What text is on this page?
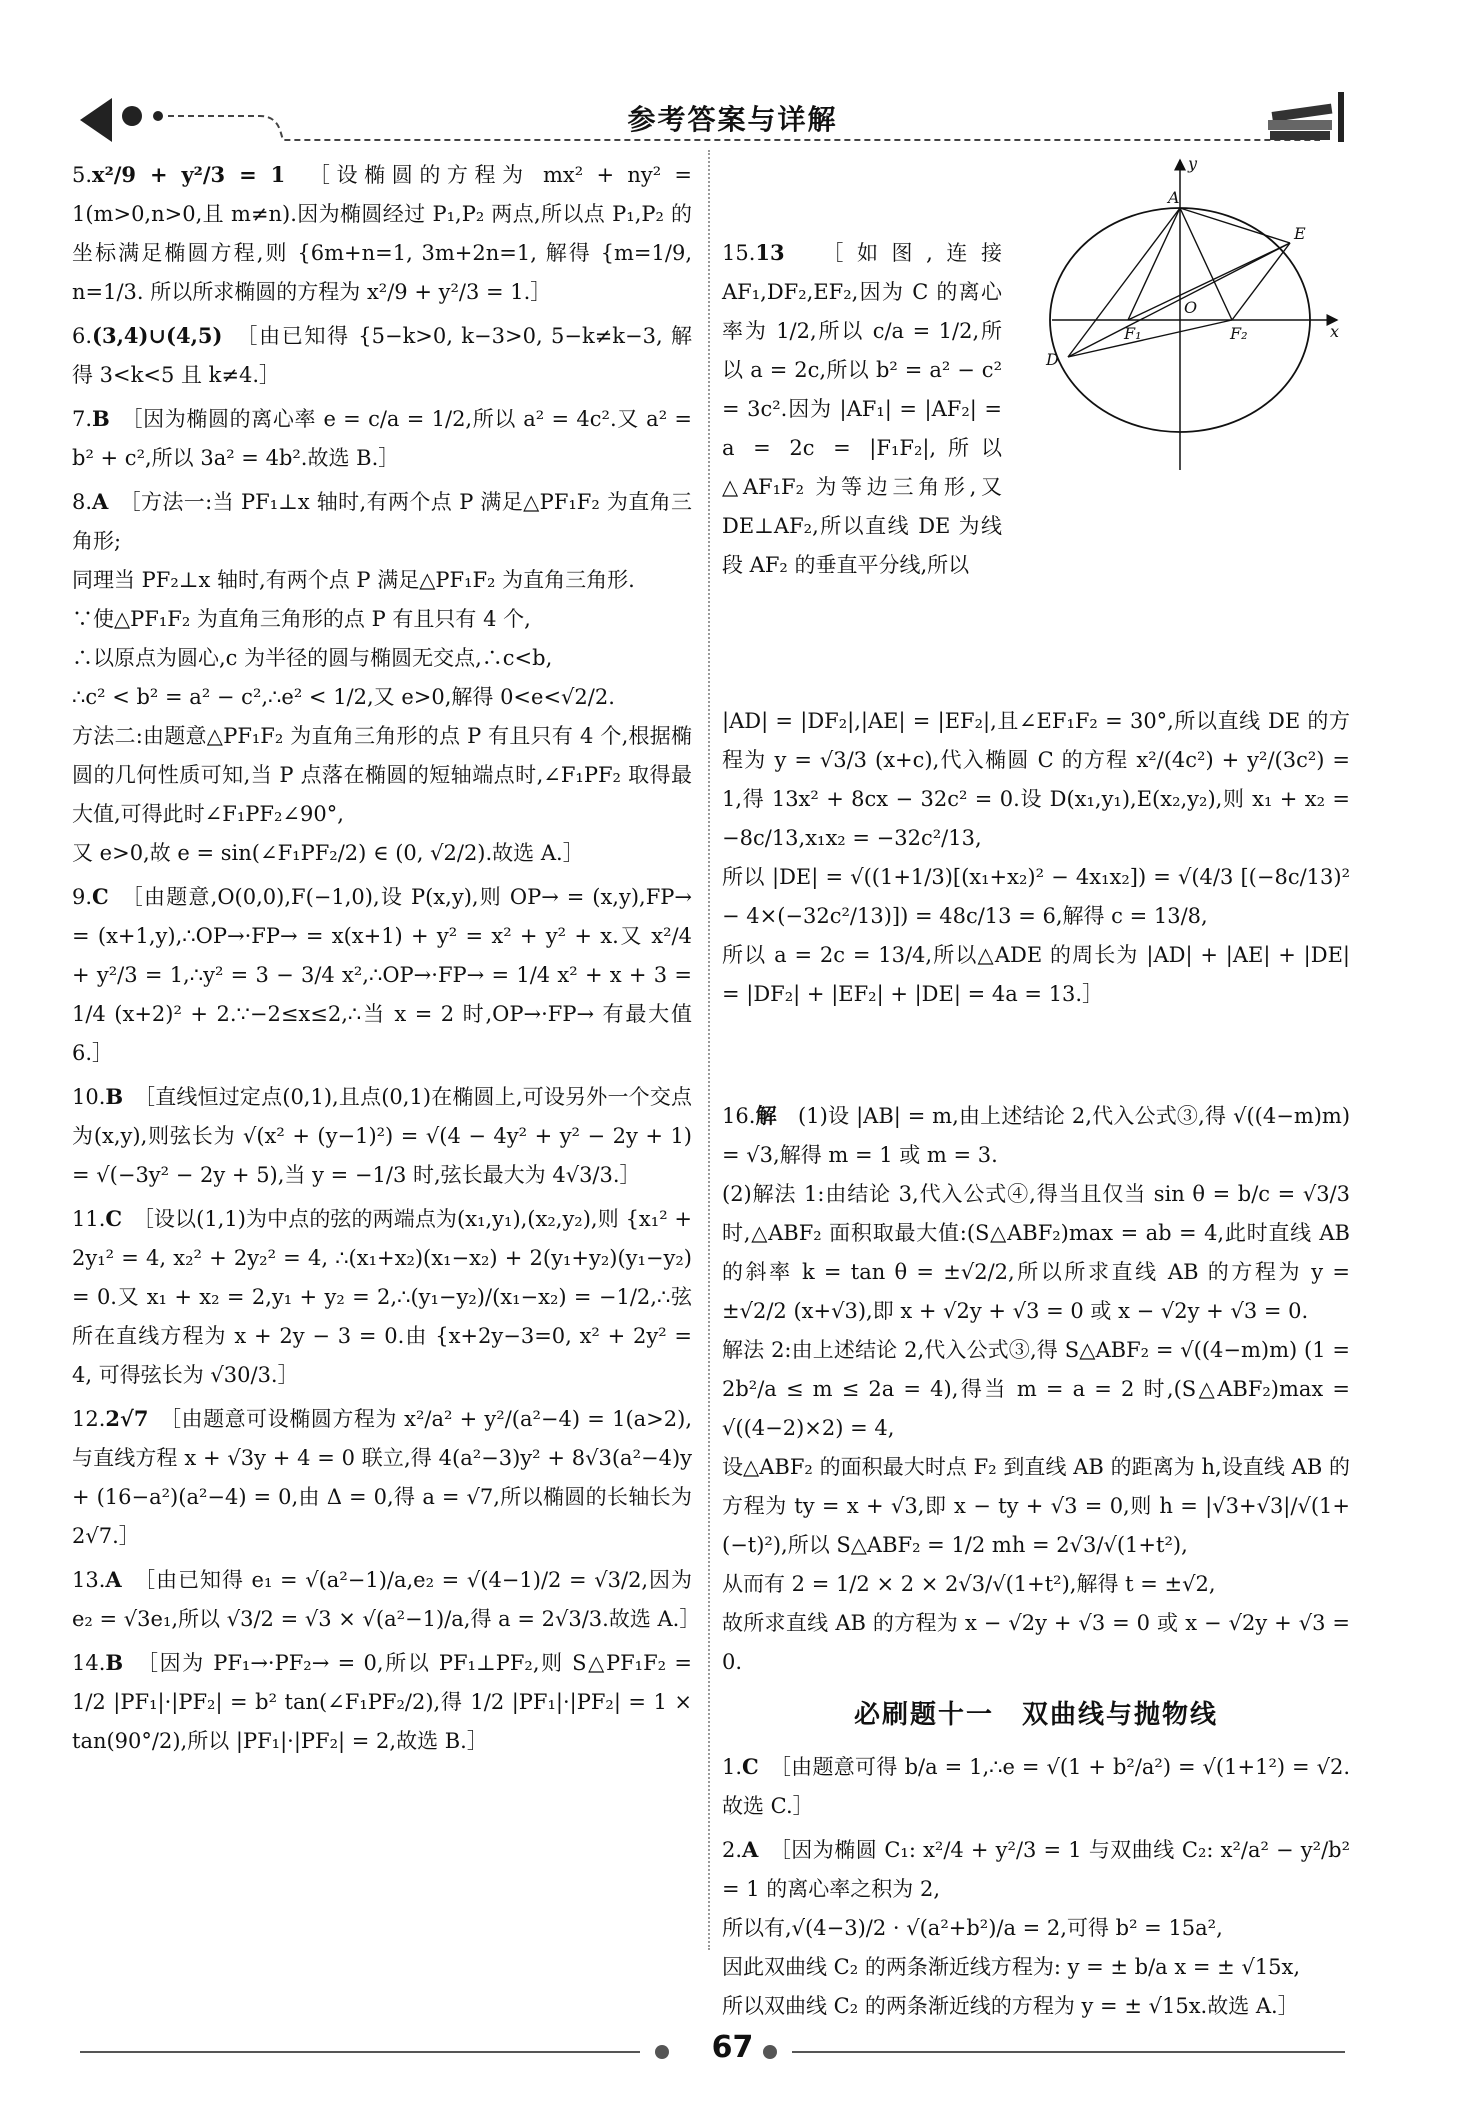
参考答案与详解
5.x²/9 + y²/3 = 1　 ［设椭圆的方程为 mx² + ny² = 1(m>0,n>0,且 m≠n).因为椭圆经过 P₁,P₂ 两点,所以点 P₁,P₂ 的坐标满足椭圆方程,则 {6m+n=1, 3m+2n=1, 解得 {m=1/9, n=1/3. 所以所求椭圆的方程为 x²/9 + y²/3 = 1.］
6.(3,4)∪(4,5)　 ［由已知得 {5−k>0, k−3>0, 5−k≠k−3, 解得 3<k<5 且 k≠4.］
7.B　 ［因为椭圆的离心率 e = c/a = 1/2,所以 a² = 4c².又 a² = b² + c²,所以 3a² = 4b².故选 B.］
8.A　 ［方法一:当 PF₁⊥x 轴时,有两个点 P 满足△PF₁F₂ 为直角三角形;
同理当 PF₂⊥x 轴时,有两个点 P 满足△PF₁F₂ 为直角三角形.
∵使△PF₁F₂ 为直角三角形的点 P 有且只有 4 个,
∴以原点为圆心,c 为半径的圆与椭圆无交点,∴c<b,
∴c² < b² = a² − c²,∴e² < 1/2,又 e>0,解得 0<e<√2/2.
方法二:由题意△PF₁F₂ 为直角三角形的点 P 有且只有 4 个,根据椭圆的几何性质可知,当 P 点落在椭圆的短轴端点时,∠F₁PF₂ 取得最大值,可得此时∠F₁PF₂∠90°,
又 e>0,故 e = sin(∠F₁PF₂/2) ∈ (0, √2/2).故选 A.］
9.C　 ［由题意,O(0,0),F(−1,0),设 P(x,y),则 OP→ = (x,y),FP→ = (x+1,y),∴OP→·FP→ = x(x+1) + y² = x² + y² + x.又 x²/4 + y²/3 = 1,∴y² = 3 − 3/4 x²,∴OP→·FP→ = 1/4 x² + x + 3 = 1/4 (x+2)² + 2.∵−2≤x≤2,∴当 x = 2 时,OP→·FP→ 有最大值 6.］
10.B　 ［直线恒过定点(0,1),且点(0,1)在椭圆上,可设另外一个交点为(x,y),则弦长为 √(x² + (y−1)²) = √(4 − 4y² + y² − 2y + 1) = √(−3y² − 2y + 5),当 y = −1/3 时,弦长最大为 4√3/3.］
11.C　 ［设以(1,1)为中点的弦的两端点为(x₁,y₁),(x₂,y₂),则 {x₁² + 2y₁² = 4, x₂² + 2y₂² = 4, ∴(x₁+x₂)(x₁−x₂) + 2(y₁+y₂)(y₁−y₂) = 0.又 x₁ + x₂ = 2,y₁ + y₂ = 2,∴(y₁−y₂)/(x₁−x₂) = −1/2,∴弦所在直线方程为 x + 2y − 3 = 0.由 {x+2y−3=0, x² + 2y² = 4, 可得弦长为 √30/3.］
12.2√7　 ［由题意可设椭圆方程为 x²/a² + y²/(a²−4) = 1(a>2),与直线方程 x + √3y + 4 = 0 联立,得 4(a²−3)y² + 8√3(a²−4)y + (16−a²)(a²−4) = 0,由 Δ = 0,得 a = √7,所以椭圆的长轴长为 2√7.］
13.A　 ［由已知得 e₁ = √(a²−1)/a,e₂ = √(4−1)/2 = √3/2,因为 e₂ = √3e₁,所以 √3/2 = √3 × √(a²−1)/a,得 a = 2√3/3.故选 A.］
14.B　 ［因为 PF₁→·PF₂→ = 0,所以 PF₁⊥PF₂,则 S△PF₁F₂ = 1/2 |PF₁|·|PF₂| = b² tan(∠F₁PF₂/2),得 1/2 |PF₁|·|PF₂| = 1 × tan(90°/2),所以 |PF₁|·|PF₂| = 2,故选 B.］

15.13　 ［如图,连接 AF₁,DF₂,EF₂,因为 C 的离心率为 1/2,所以 c/a = 1/2,所以 a = 2c,所以 b² = a² − c² = 3c².因为 |AF₁| = |AF₂| = a = 2c = |F₁F₂|,所以△AF₁F₂ 为等边三角形,又 DE⊥AF₂,所以直线 DE 为线段 AF₂ 的垂直平分线,所以

y
x
A
E
O
F₁	F₂
D

|AD| = |DF₂|,|AE| = |EF₂|,且∠EF₁F₂ = 30°,所以直线 DE 的方程为 y = √3/3 (x+c),代入椭圆 C 的方程 x²/(4c²) + y²/(3c²) = 1,得 13x² + 8cx − 32c² = 0.设 D(x₁,y₁),E(x₂,y₂),则 x₁ + x₂ = −8c/13,x₁x₂ = −32c²/13,
所以 |DE| = √((1+1/3)[(x₁+x₂)² − 4x₁x₂]) = √(4/3 [(−8c/13)² − 4×(−32c²/13)]) = 48c/13 = 6,解得 c = 13/8,
所以 a = 2c = 13/4,所以△ADE 的周长为 |AD| + |AE| + |DE| = |DF₂| + |EF₂| + |DE| = 4a = 13.］

16.解　 (1)设 |AB| = m,由上述结论 2,代入公式③,得 √((4−m)m) = √3,解得 m = 1 或 m = 3.
(2)解法 1:由结论 3,代入公式④,得当且仅当 sin θ = b/c = √3/3 时,△ABF₂ 面积取最大值:(S△ABF₂)max = ab = 4,此时直线 AB 的斜率 k = tan θ = ±√2/2,所以所求直线 AB 的方程为 y = ±√2/2 (x+√3),即 x + √2y + √3 = 0 或 x − √2y + √3 = 0.
解法 2:由上述结论 2,代入公式③,得 S△ABF₂ = √((4−m)m) (1 = 2b²/a ≤ m ≤ 2a = 4),得当 m = a = 2 时,(S△ABF₂)max = √((4−2)×2) = 4,
设△ABF₂ 的面积最大时点 F₂ 到直线 AB 的距离为 h,设直线 AB 的方程为 ty = x + √3,即 x − ty + √3 = 0,则 h = |√3+√3|/√(1+(−t)²),所以 S△ABF₂ = 1/2 mh = 2√3/√(1+t²),
从而有 2 = 1/2 × 2 × 2√3/√(1+t²),解得 t = ±√2,
故所求直线 AB 的方程为 x − √2y + √3 = 0 或 x − √2y + √3 = 0.
必刷题十一　双曲线与抛物线
1.C　 ［由题意可得 b/a = 1,∴e = √(1 + b²/a²) = √(1+1²) = √2.故选 C.］
2.A　 ［因为椭圆 C₁: x²/4 + y²/3 = 1 与双曲线 C₂: x²/a² − y²/b² = 1 的离心率之积为 2,
所以有,√(4−3)/2 · √(a²+b²)/a = 2,可得 b² = 15a²,
因此双曲线 C₂ 的两条渐近线方程为: y = ± b/a x = ± √15x,
所以双曲线 C₂ 的两条渐近线的方程为 y = ± √15x.故选 A.］
67
